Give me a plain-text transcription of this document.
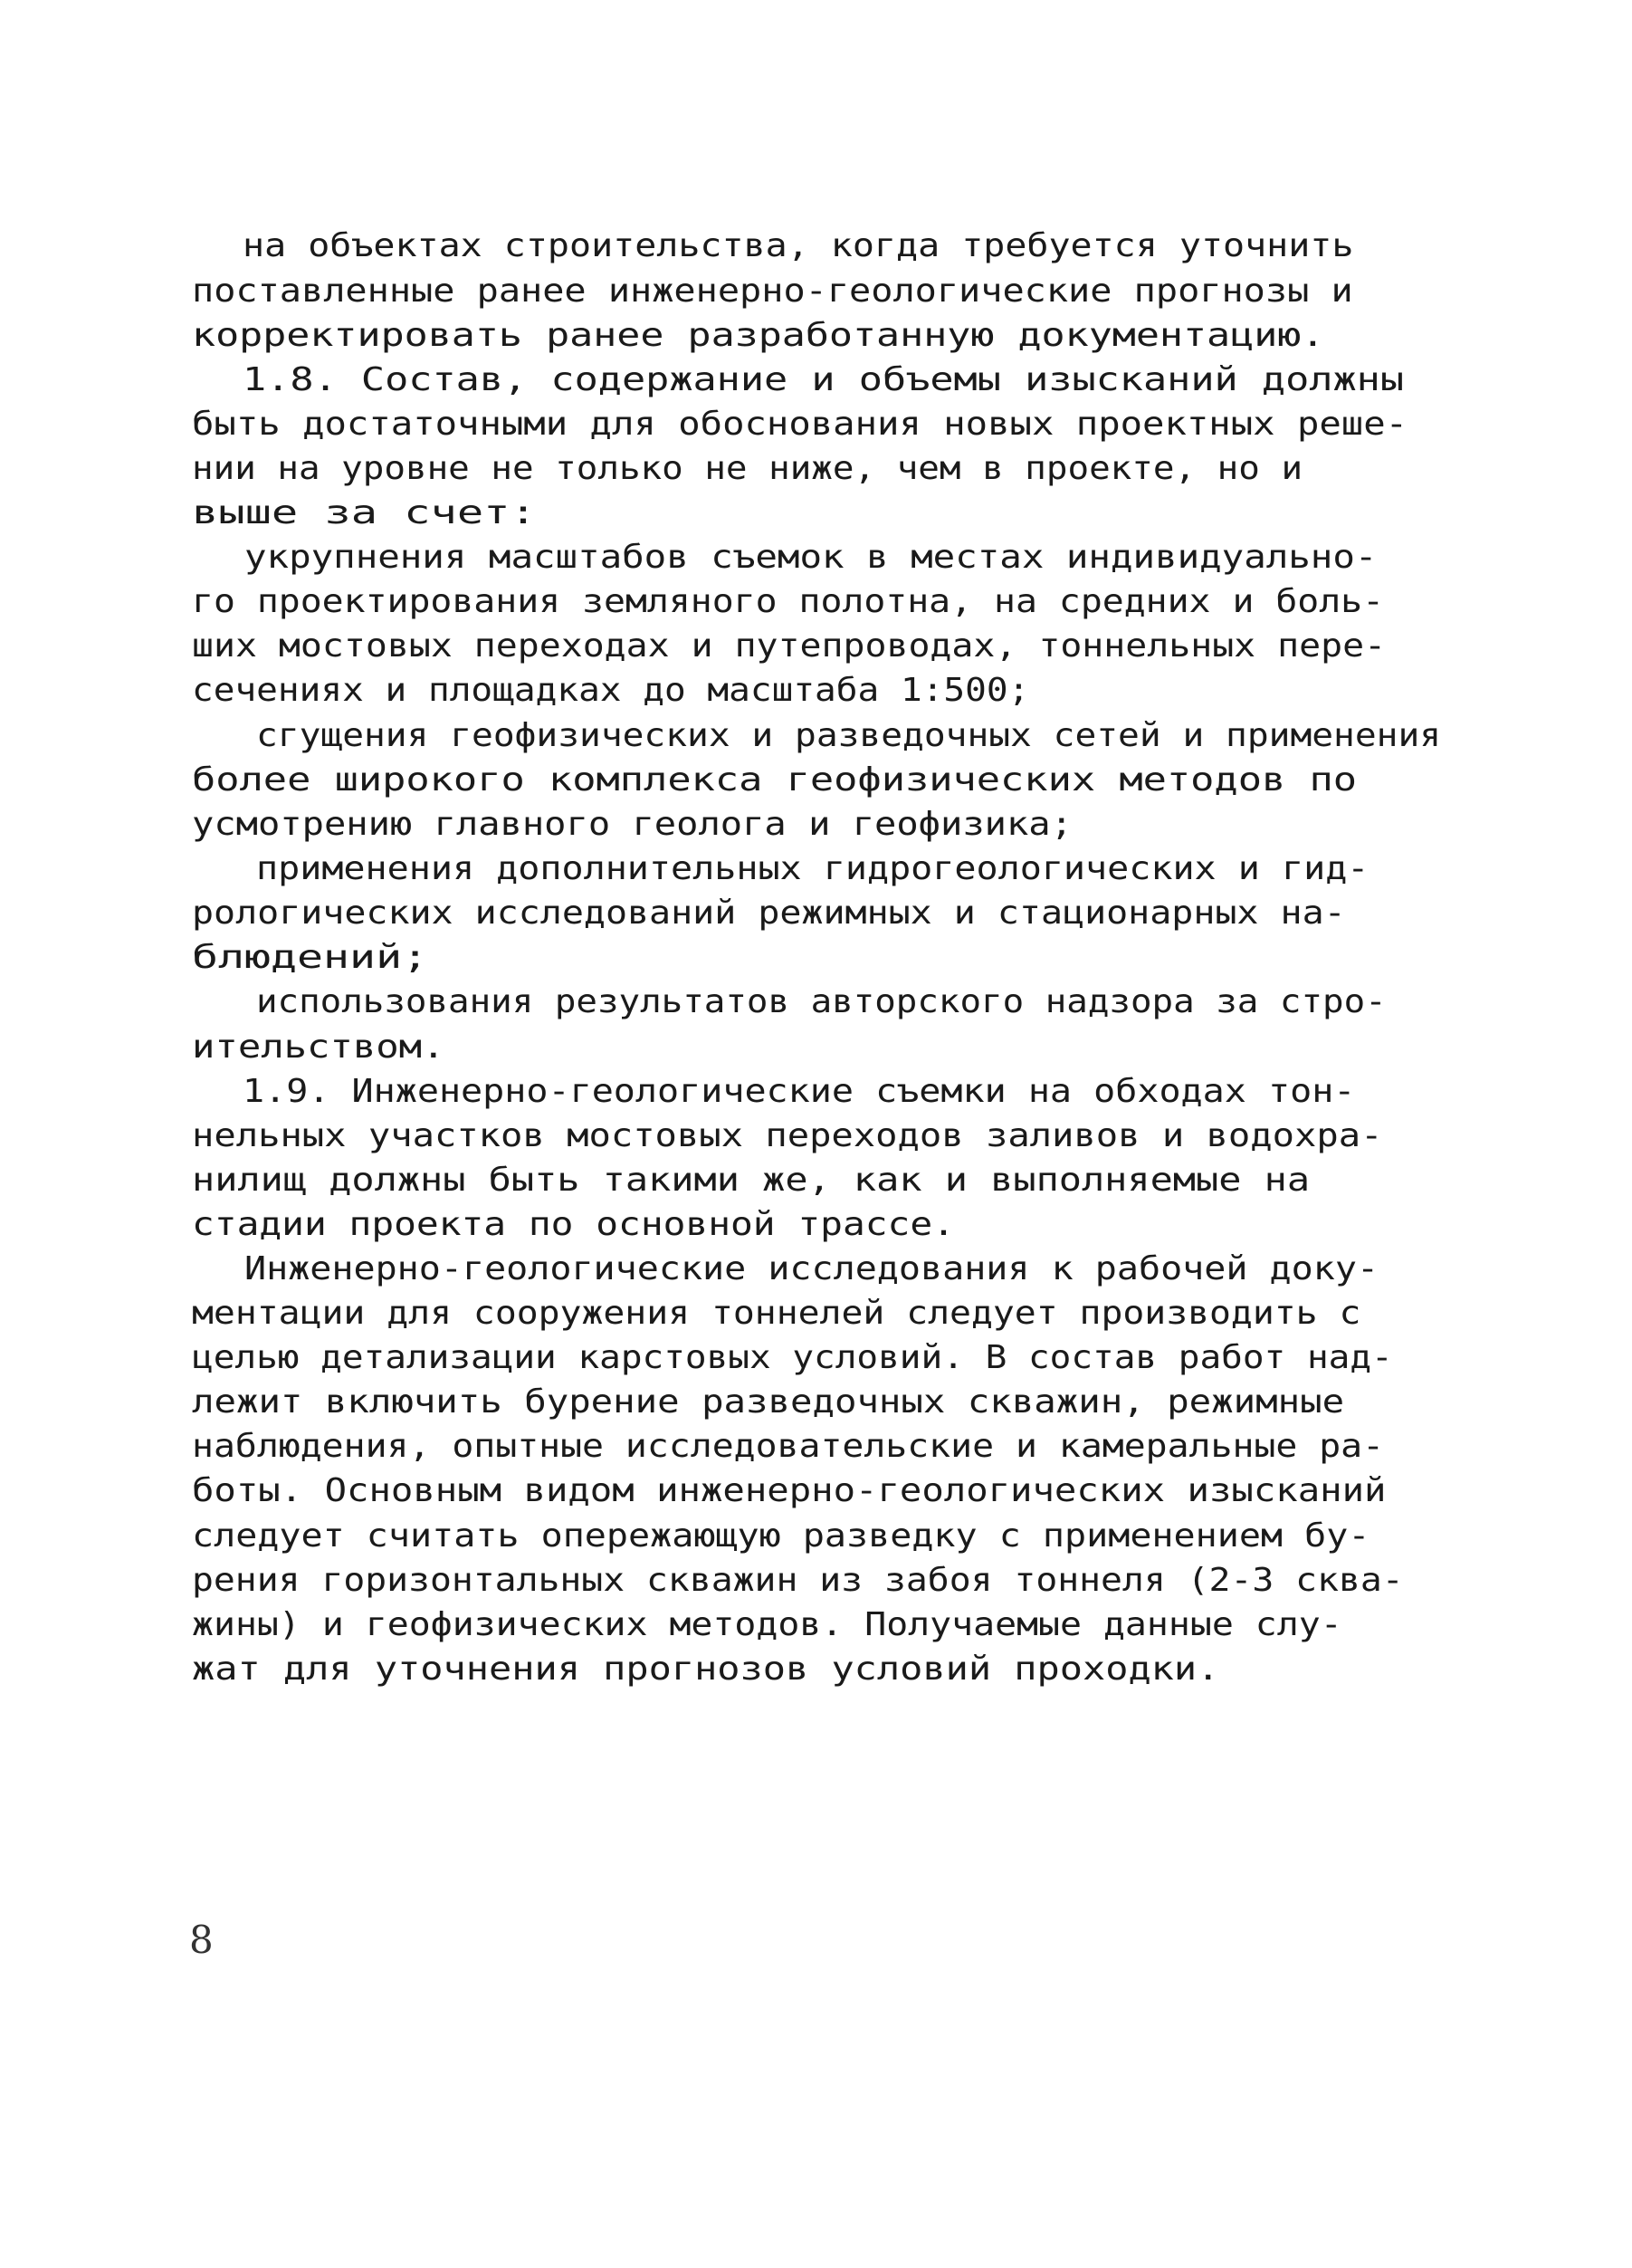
на объектах строительства, когда требуется уточнить
поставленные ранее инженерно-геологические прогнозы и
корректировать ранее разработанную документацию.
1.8. Состав, содержание и объемы изысканий должны
быть достаточными для обоснования новых проектных реше-
нии на уровне не только не ниже, чем в проекте, но и
выше за счет:
укрупнения масштабов съемок в местах индивидуально-
го проектирования земляного полотна, на средних и боль-
ших мостовых переходах и путепроводах, тоннельных пере-
сечениях и площадках до масштаба 1:500;
сгущения геофизических и разведочных сетей и применения
более широкого комплекса геофизических методов по
усмотрению главного геолога и геофизика;
применения дополнительных гидрогеологических и гид-
рологических исследований режимных и стационарных на-
блюдений;
использования результатов авторского надзора за стро-
ительством.
1.9. Инженерно-геологические съемки на обходах тон-
нельных участков мостовых переходов заливов и водохра-
нилищ должны быть такими же, как и выполняемые на
стадии проекта по основной трассе.
Инженерно-геологические исследования к рабочей доку-
ментации для сооружения тоннелей следует производить с
целью детализации карстовых условий. В состав работ над-
лежит включить бурение разведочных скважин, режимные
наблюдения, опытные исследовательские и камеральные ра-
боты. Основным видом инженерно-геологических изысканий
следует считать опережающую разведку с применением бу-
рения горизонтальных скважин из забоя тоннеля (2-3 сква-
жины) и геофизических методов. Получаемые данные слу-
жат для уточнения прогнозов условий проходки.
8
